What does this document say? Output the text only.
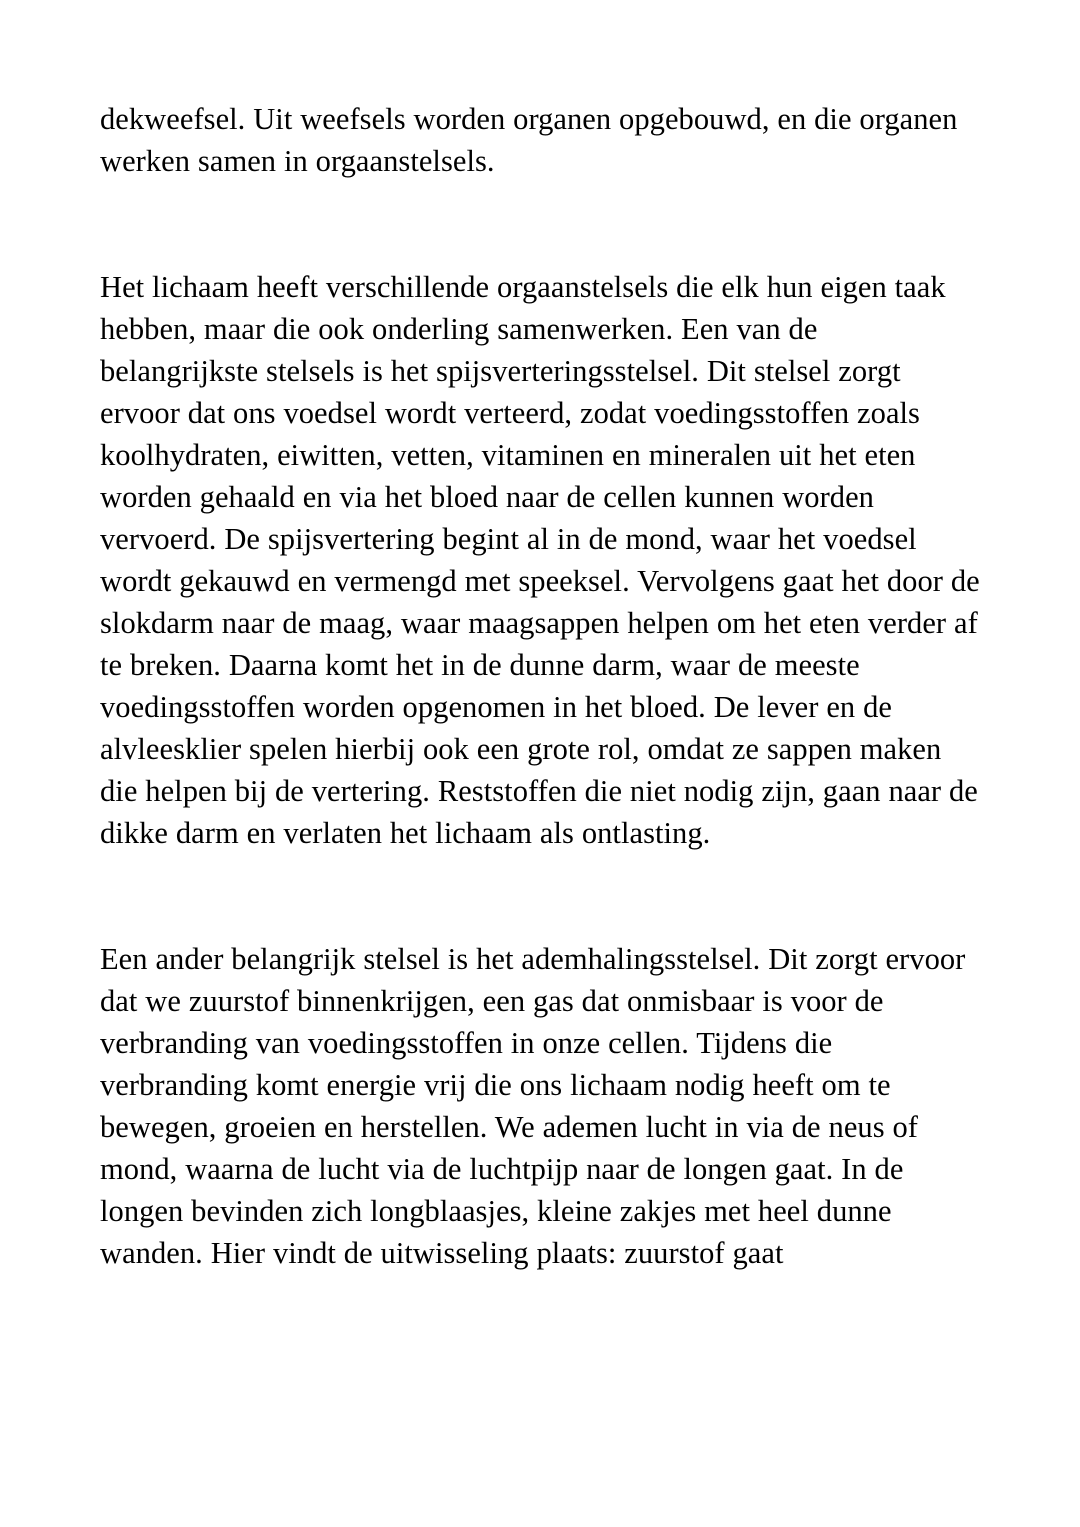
dekweefsel. Uit weefsels worden organen opgebouwd, en die organen werken samen in orgaanstelsels.

Het lichaam heeft verschillende orgaanstelsels die elk hun eigen taak hebben, maar die ook onderling samenwerken. Een van de belangrijkste stelsels is het spijsverteringsstelsel. Dit stelsel zorgt ervoor dat ons voedsel wordt verteerd, zodat voedingsstoffen zoals koolhydraten, eiwitten, vetten, vitaminen en mineralen uit het eten worden gehaald en via het bloed naar de cellen kunnen worden vervoerd. De spijsvertering begint al in de mond, waar het voedsel wordt gekauwd en vermengd met speeksel. Vervolgens gaat het door de slokdarm naar de maag, waar maagsappen helpen om het eten verder af te breken. Daarna komt het in de dunne darm, waar de meeste voedingsstoffen worden opgenomen in het bloed. De lever en de alvleesklier spelen hierbij ook een grote rol, omdat ze sappen maken die helpen bij de vertering. Reststoffen die niet nodig zijn, gaan naar de dikke darm en verlaten het lichaam als ontlasting.

Een ander belangrijk stelsel is het ademhalingsstelsel. Dit zorgt ervoor dat we zuurstof binnenkrijgen, een gas dat onmisbaar is voor de verbranding van voedingsstoffen in onze cellen. Tijdens die verbranding komt energie vrij die ons lichaam nodig heeft om te bewegen, groeien en herstellen. We ademen lucht in via de neus of mond, waarna de lucht via de luchtpijp naar de longen gaat. In de longen bevinden zich longblaasjes, kleine zakjes met heel dunne wanden. Hier vindt de uitwisseling plaats: zuurstof gaat
